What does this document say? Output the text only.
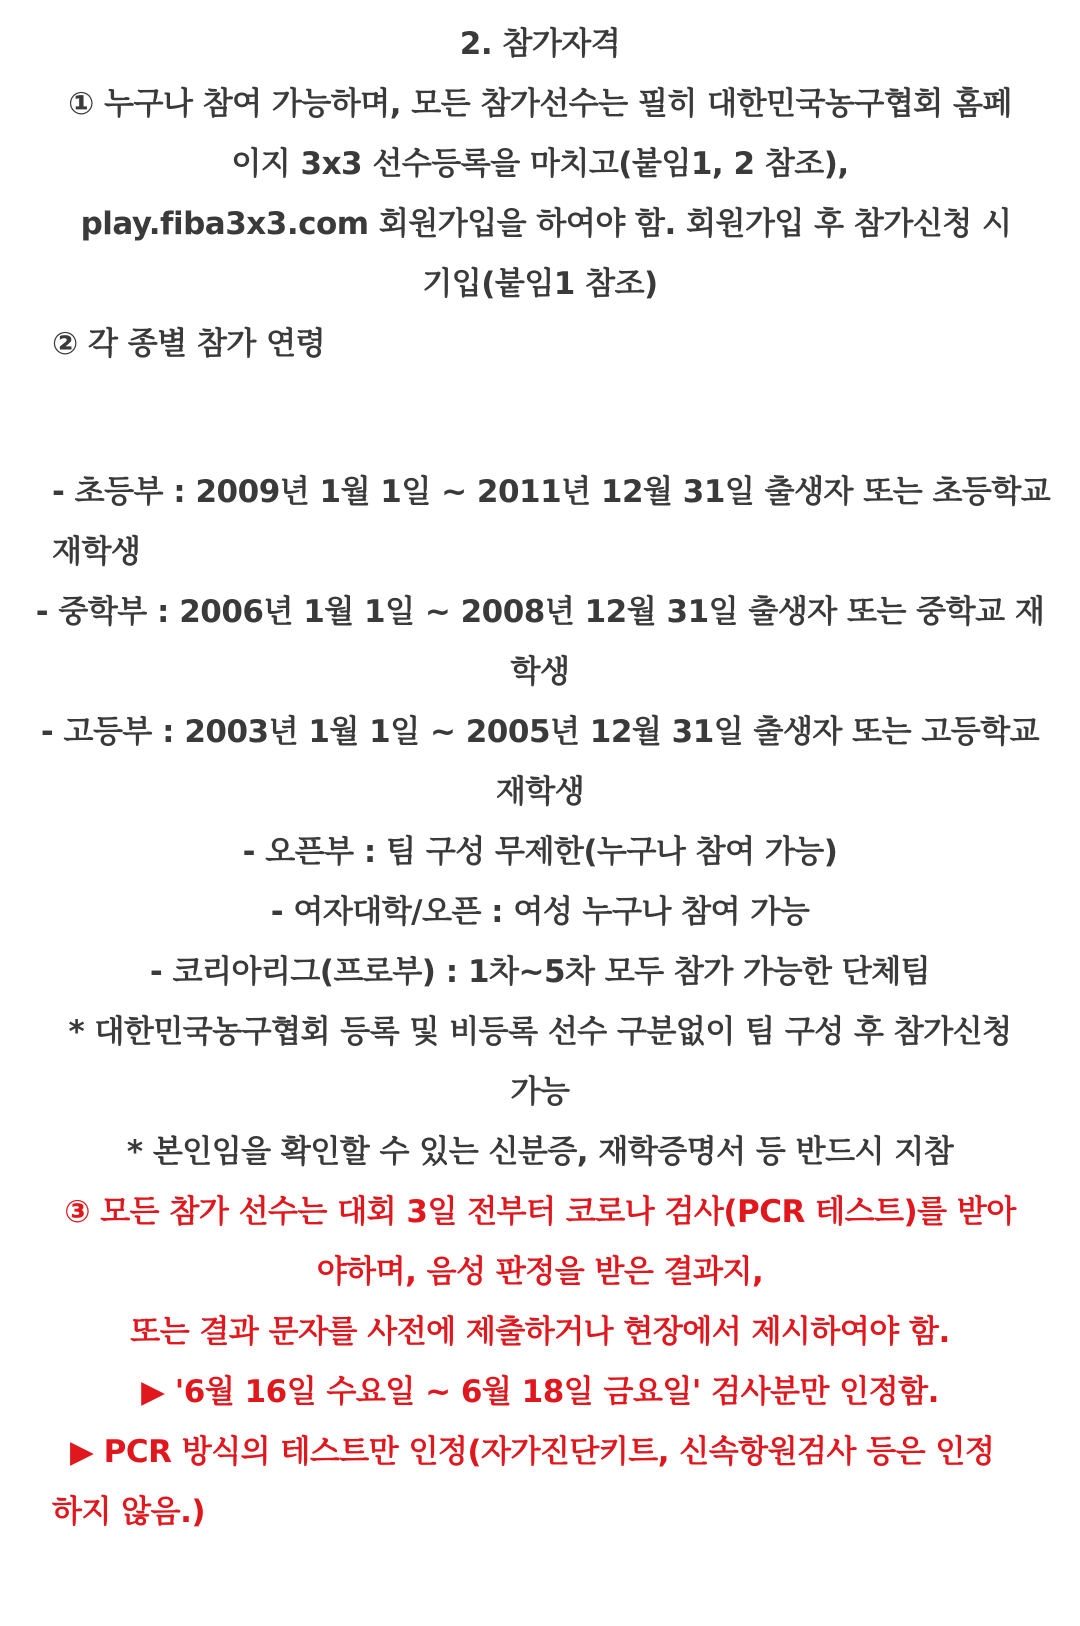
2. 참가자격
① 누구나 참여 가능하며, 모든 참가선수는 필히 대한민국농구협회 홈페
이지 3x3 선수등록을 마치고(붙임1, 2 참조),
play.fiba3x3.com 회원가입을 하여야 함. 회원가입 후 참가신청 시
기입(붙임1 참조)
② 각 종별 참가 연령
- 초등부 : 2009년 1월 1일 ~ 2011년 12월 31일 출생자 또는 초등학교
재학생
- 중학부 : 2006년 1월 1일 ~ 2008년 12월 31일 출생자 또는 중학교 재
학생
- 고등부 : 2003년 1월 1일 ~ 2005년 12월 31일 출생자 또는 고등학교
재학생
- 오픈부 : 팀 구성 무제한(누구나 참여 가능)
- 여자대학/오픈 : 여성 누구나 참여 가능
- 코리아리그(프로부) : 1차~5차 모두 참가 가능한 단체팀
* 대한민국농구협회 등록 및 비등록 선수 구분없이 팀 구성 후 참가신청
가능
* 본인임을 확인할 수 있는 신분증, 재학증명서 등 반드시 지참
③ 모든 참가 선수는 대회 3일 전부터 코로나 검사(PCR 테스트)를 받아
야하며, 음성 판정을 받은 결과지,
또는 결과 문자를 사전에 제출하거나 현장에서 제시하여야 함.
▶ '6월 16일 수요일 ~ 6월 18일 금요일' 검사분만 인정함.
▶ PCR 방식의 테스트만 인정(자가진단키트, 신속항원검사 등은 인정
하지 않음.)
